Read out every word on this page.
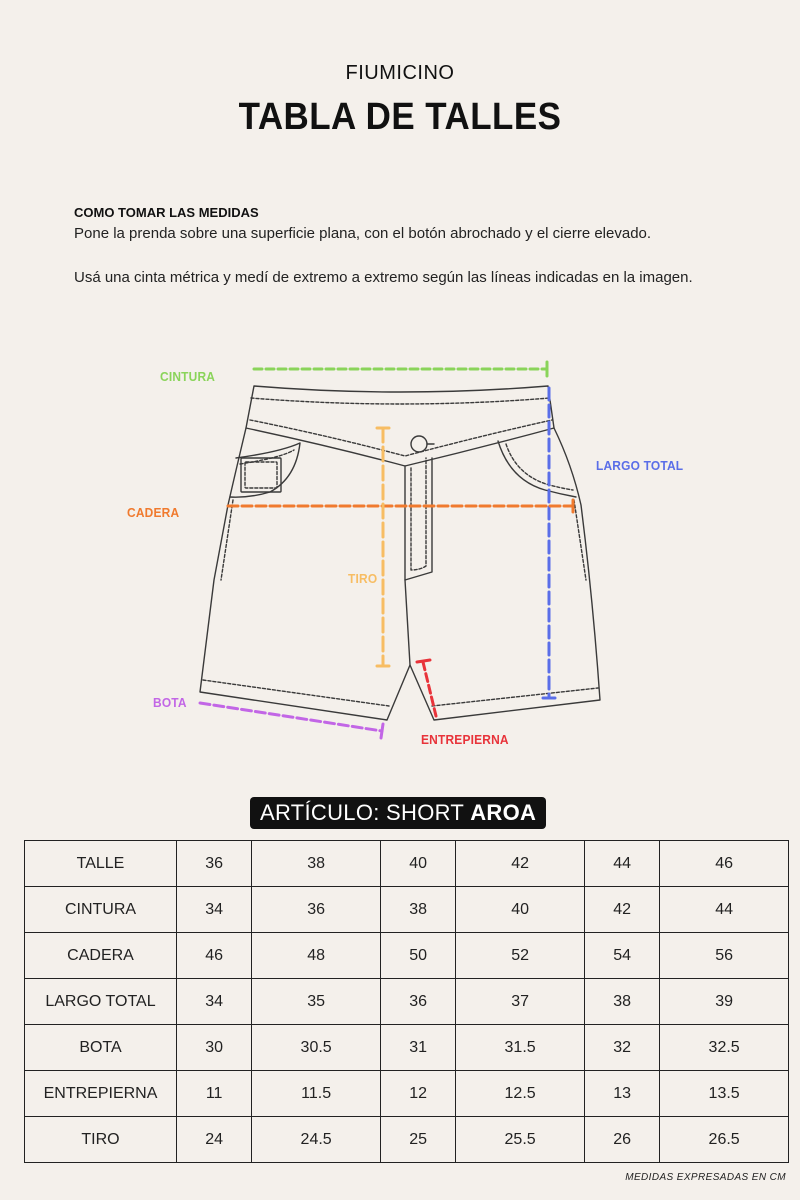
FIUMICINO
TABLA DE TALLES
COMO TOMAR LAS MEDIDAS
Pone la prenda sobre una superficie plana, con el botón abrochado y el cierre elevado.
Usá una cinta métrica y medí de extremo a extremo según las líneas indicadas en la imagen.
CINTURA
LARGO TOTAL
CADERA
TIRO
BOTA
ENTREPIERNA
ARTÍCULO: SHORT AROA
TALLE	36	38	40	42	44	46
CINTURA	34	36	38	40	42	44
CADERA	46	48	50	52	54	56
LARGO TOTAL	34	35	36	37	38	39
BOTA	30	30.5	31	31.5	32	32.5
ENTREPIERNA	11	11.5	12	12.5	13	13.5
TIRO	24	24.5	25	25.5	26	26.5
MEDIDAS EXPRESADAS EN CM
